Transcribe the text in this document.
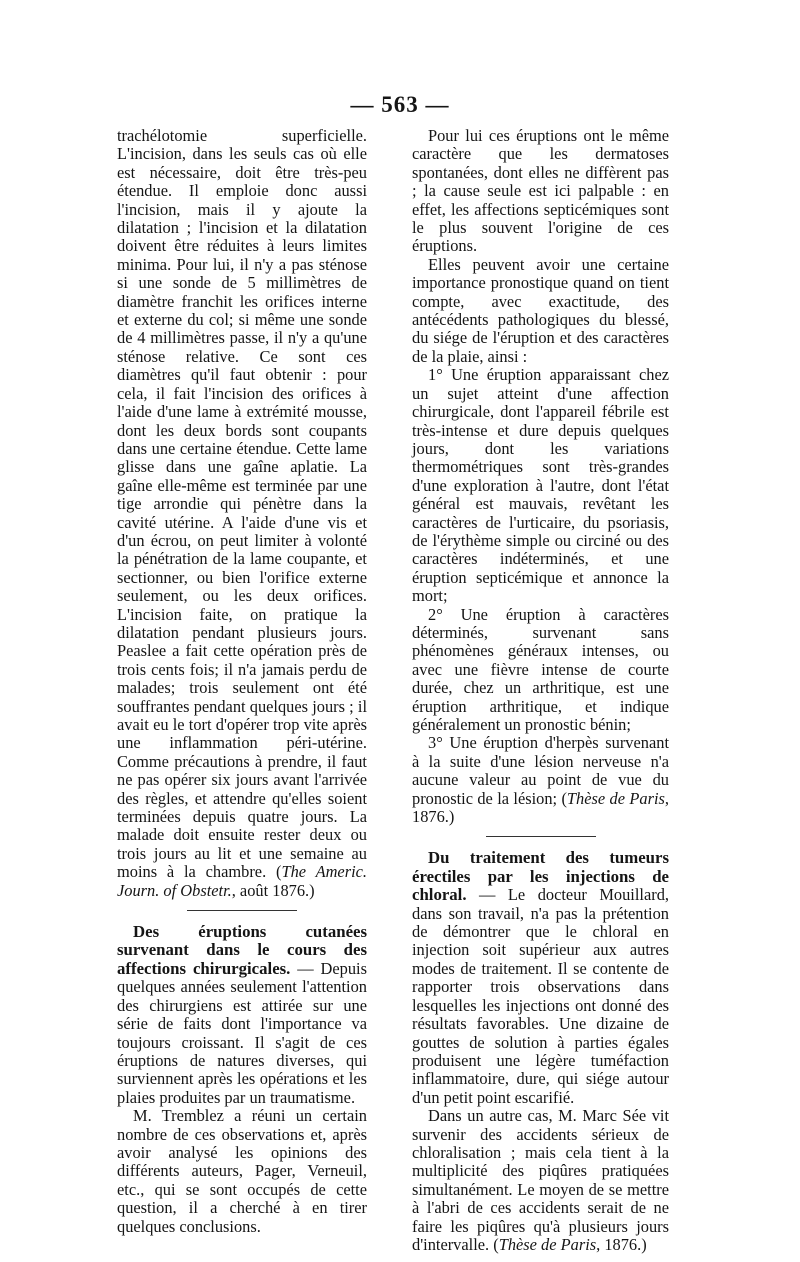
— 563 —

trachélotomie superficielle. L'incision, dans les seuls cas où elle est nécessaire, doit être très-peu étendue. Il emploie donc aussi l'incision, mais il y ajoute la dilatation ; l'incision et la dilatation doivent être réduites à leurs limites minima. Pour lui, il n'y a pas sténose si une sonde de 5 millimètres de diamètre franchit les orifices interne et externe du col; si même une sonde de 4 millimètres passe, il n'y a qu'une sténose relative. Ce sont ces diamètres qu'il faut obtenir : pour cela, il fait l'incision des orifices à l'aide d'une lame à extrémité mousse, dont les deux bords sont coupants dans une certaine étendue. Cette lame glisse dans une gaîne aplatie. La gaîne elle-même est terminée par une tige arrondie qui pénètre dans la cavité utérine. A l'aide d'une vis et d'un écrou, on peut limiter à volonté la pénétration de la lame coupante, et sectionner, ou bien l'orifice externe seulement, ou les deux orifices. L'incision faite, on pratique la dilatation pendant plusieurs jours. Peaslee a fait cette opération près de trois cents fois; il n'a jamais perdu de malades; trois seulement ont été souffrantes pendant quelques jours ; il avait eu le tort d'opérer trop vite après une inflammation péri-utérine. Comme précautions à prendre, il faut ne pas opérer six jours avant l'arrivée des règles, et attendre qu'elles soient terminées depuis quatre jours. La malade doit ensuite rester deux ou trois jours au lit et une semaine au moins à la chambre. (The Americ. Journ. of Obstetr., août 1876.)

Des éruptions cutanées survenant dans le cours des affections chirurgicales. — Depuis quelques années seulement l'attention des chirurgiens est attirée sur une série de faits dont l'importance va toujours croissant. Il s'agit de ces éruptions de natures diverses, qui surviennent après les opérations et les plaies produites par un traumatisme.

M. Tremblez a réuni un certain nombre de ces observations et, après avoir analysé les opinions des différents auteurs, Pager, Verneuil, etc., qui se sont occupés de cette question, il a cherché à en tirer quelques conclusions.

Pour lui ces éruptions ont le même caractère que les dermatoses spontanées, dont elles ne diffèrent pas ; la cause seule est ici palpable : en effet, les affections septicémiques sont le plus souvent l'origine de ces éruptions.

Elles peuvent avoir une certaine importance pronostique quand on tient compte, avec exactitude, des antécédents pathologiques du blessé, du siége de l'éruption et des caractères de la plaie, ainsi :

1° Une éruption apparaissant chez un sujet atteint d'une affection chirurgicale, dont l'appareil fébrile est très-intense et dure depuis quelques jours, dont les variations thermométriques sont très-grandes d'une exploration à l'autre, dont l'état général est mauvais, revêtant les caractères de l'urticaire, du psoriasis, de l'érythème simple ou circiné ou des caractères indéterminés, et une éruption septicémique et annonce la mort;

2° Une éruption à caractères déterminés, survenant sans phénomènes généraux intenses, ou avec une fièvre intense de courte durée, chez un arthritique, est une éruption arthritique, et indique généralement un pronostic bénin;

3° Une éruption d'herpès survenant à la suite d'une lésion nerveuse n'a aucune valeur au point de vue du pronostic de la lésion; (Thèse de Paris, 1876.)

Du traitement des tumeurs érectiles par les injections de chloral. — Le docteur Mouillard, dans son travail, n'a pas la prétention de démontrer que le chloral en injection soit supérieur aux autres modes de traitement. Il se contente de rapporter trois observations dans lesquelles les injections ont donné des résultats favorables. Une dizaine de gouttes de solution à parties égales produisent une légère tuméfaction inflammatoire, dure, qui siége autour d'un petit point escarifié.

Dans un autre cas, M. Marc Sée vit survenir des accidents sérieux de chloralisation ; mais cela tient à la multiplicité des piqûres pratiquées simultanément. Le moyen de se mettre à l'abri de ces accidents serait de ne faire les piqûres qu'à plusieurs jours d'intervalle. (Thèse de Paris, 1876.)
